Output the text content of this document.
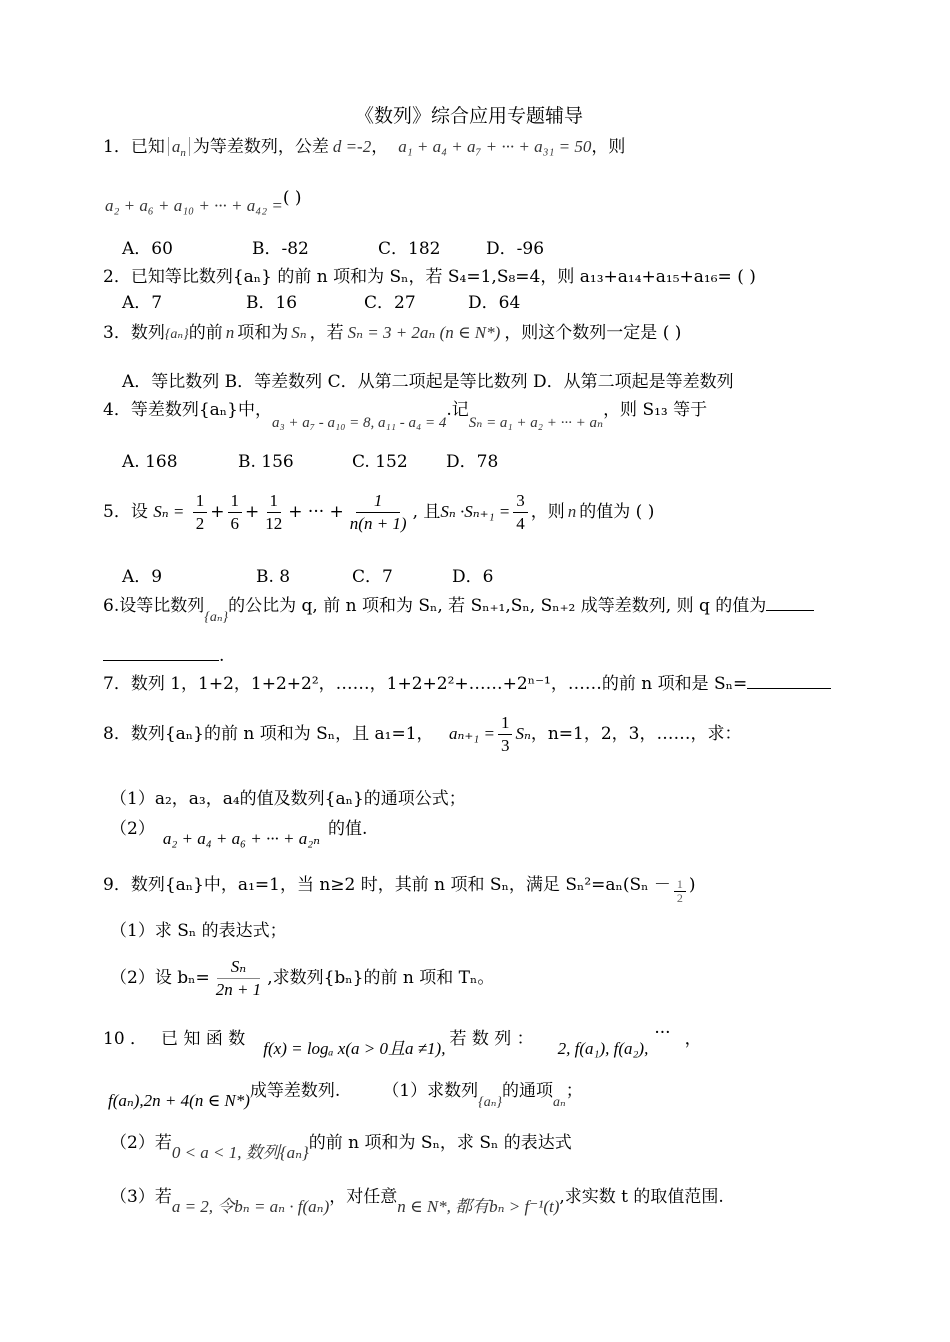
《数列》综合应用专题辅导
1．已知 $a_n$ 为等差数列，公差 d =‑2， a₁ + a₄ + a₇ + ··· + a₃₁ = 50，则
a₂ + a₆ + a₁₀ + ··· + a₄₂ =( )
A．60	B．‑82	C．182	D．‑96
2．已知等比数列{aₙ} 的前 n 项和为 Sₙ，若 S₄=1,S₈=4，则 a₁₃+a₁₄+a₁₅+a₁₆= ( )
A．7	B．16	C．27	D．64
3．数列{aₙ}的前 n 项和为 Sₙ ，若 Sₙ = 3 + 2aₙ (n ∈ N*) ，则这个数列一定是 ( )
A．等比数列 B．等差数列 C．从第二项起是等比数列 D．从第二项起是等差数列
4．等差数列{aₙ}中，a₃ + a₇ ‑ a₁₀ = 8, a₁₁ ‑ a₄ = 4.记Sₙ = a₁ + a₂ + ··· + aₙ，则 S₁₃ 等于
A. 168	B. 156	C. 152 D．78
5．设 $S_n = \frac{1}{2} + \frac{1}{6} + \frac{1}{12}$ + ··· + $\frac{1}{n(n + 1)}$ , 且$S_n \cdot S_{n+1} = \frac{3}{4}$ ，则 n 的值为 ( )
A．9	B. 8	C．7	D．6
6.设等比数列$_{\{a_n\}}$的公比为 q, 前 n 项和为 Sₙ, 若 Sₙ₊₁,Sₙ, Sₙ₊₂ 成等差数列, 则 q 的值为
.
7．数列 1，1+2，1+2+2²，……，1+2+2²+……+2ⁿ⁻¹，……的前 n 项和是 Sₙ=
8．数列{aₙ}的前 n 项和为 Sₙ，且 a₁=1， $a_{n+1} = \frac{1}{3}$ Sₙ，n=1，2，3，……，求：
（1）a₂，a₃，a₄的值及数列{aₙ}的通项公式；
（2） a₂ + a₄ + a₆ + ··· + a₂ₙ 的值.
9．数列{aₙ}中，a₁=1，当 n≥2 时，其前 n 项和 Sₙ，满足 $S_n^2=a_n(S_n - \frac{1}{2}$ )
（1）求 Sₙ 的表达式；
（2）设 $b_n= \frac{\text{Sₙ}}{2n + 1}$ ,求数列{bₙ}的前 n 项和 Tₙ。
10 ． 已 知 函 数 f(x) = logₐ x(a > 0且a ≠1), 若 数 列 ： 2, f(a₁), f(a₂),··· ，
f(aₙ),2n + 4(n ∈ N*)成等差数列. （1）求数列$_{\{a_n\}}$的通项$_{a_n}$；
（2）若0 < a < 1, 数列{aₙ}的前 n 项和为 Sₙ，求 Sₙ 的表达式
（3）若a = 2, 令bₙ = aₙ · f(aₙ)，对任意n ∈ N*, 都有bₙ > f⁻¹(t),求实数 t 的取值范围.
